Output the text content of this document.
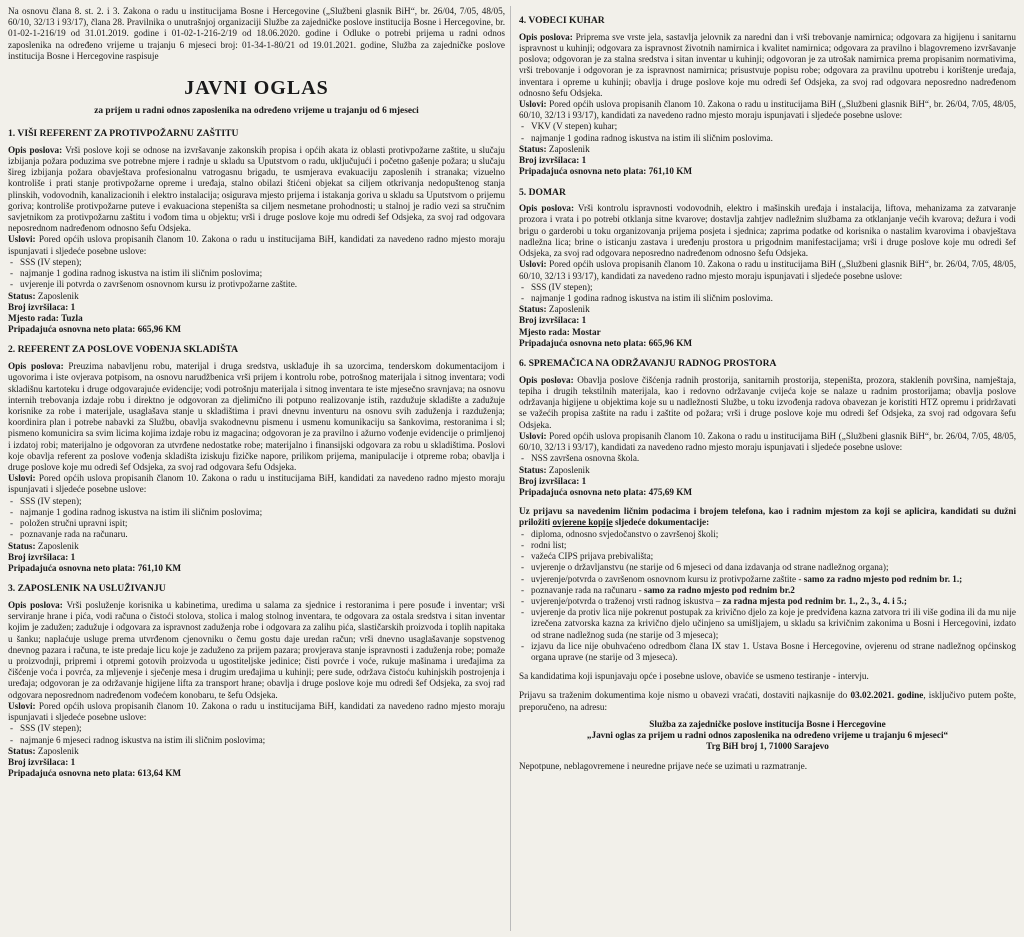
Na osnovu člana 8. st. 2. i 3. Zakona o radu u institucijama Bosne i Hercegovine („Službeni glasnik BiH“, br. 26/04, 7/05, 48/05, 60/10, 32/13 i 93/17), člana 28. Pravilnika o unutrašnjoj organizaciji Službe za zajedničke poslove institucija Bosne i Hercegovine, br. 01-02-1-216/19 od 31.01.2019. godine i 01-02-1-216-2/19 od 18.06.2020. godine i Odluke o potrebi prijema u radni odnos zaposlenika na određeno vrijeme u trajanju 6 mjeseci broj: 01-34-1-80/21 od 19.01.2021. godine, Služba za zajedničke poslove institucija Bosne i Hercegovine raspisuje

JAVNI OGLAS
za prijem u radni odnos zaposlenika na određeno vrijeme u trajanju od 6 mjeseci
1. VIŠI REFERENT ZA PROTIVPOŽARNU ZAŠTITU

Opis poslova: Vrši poslove koji se odnose na izvršavanje zakonskih propisa i općih akata iz oblasti protivpožarne zaštite, u slučaju izbijanja požara poduzima sve potrebne mjere i radnje u skladu sa Uputstvom o radu, uključujući i početno gašenje požara; u slučaju šireg izbijanja požara obavještava profesionalnu vatrogasnu brigadu, te usmjerava evakuaciju zaposlenih i stranaka; vizuelno kontroliše i prati stanje protivpožarne opreme i uređaja, stalno obilazi štićeni objekat sa ciljem otkrivanja nedopuštenog stanja plinskih, vodovodnih, kanalizacionih i elektro instalacija; osigurava mjesto prijema i istakanja goriva u skladu sa Uputstvom o prijemu goriva; kontroliše protivpožarne puteve i evakuaciona stepeništa sa ciljem nesmetane prohodnosti; u stalnoj je radio vezi sa stručnim savjetnikom za protivpožarnu zaštitu i vođom tima u objektu; vrši i druge poslove koje mu odredi šef Odsjeka, za svoj rad odgovara neposrednom nadređenom odnosno šefu Odsjeka.

Uslovi: Pored općih uslova propisanih članom 10. Zakona o radu u institucijama BiH, kandidati za navedeno radno mjesto moraju ispunjavati i sljedeće posebne uslove:

- SSS (IV stepen);
- najmanje 1 godina radnog iskustva na istim ili sličnim poslovima;
- uvjerenje ili potvrda o završenom osnovnom kursu iz protivpožarne zaštite.

Status: Zaposlenik

Broj izvršilaca: 1

Mjesto rada: Tuzla

Pripadajuća osnovna neto plata: 665,96 KM

2. REFERENT ZA POSLOVE VOĐENJA SKLADIŠTA

Opis poslova: Preuzima nabavljenu robu, materijal i druga sredstva, usklađuje ih sa uzorcima, tenderskom dokumentacijom i ugovorima i iste ovjerava potpisom, na osnovu narudžbenica vrši prijem i kontrolu robe, potrošnog materijala i sitnog inventara; vodi skladišnu kartoteku i druge odgovarajuće evidencije; vodi potrošnju materijala i sitnog inventara te iste mjesečno sravnjava; na osnovu internih trebovanja izdaje robu i direktno je odgovoran za djelimično ili potpuno realizovanje istih, razdužuje skladište a zadužuje korisnike za robe i materijale, usaglašava stanje u skladištima i pravi dnevnu inventuru na osnovu svih zaduženja i razduženja; koordinira plan i potrebe nabavki za Službu, obavlja svakodnevnu pismenu i usmenu komunikaciju sa šankovima, restoranima i sl; pismeno komunicira sa svim licima kojima izdaje robu iz magacina; odgovoran je za pravilno i ažurno vođenje evidencije o primljenoj i izdatoj robi; materijalno je odgovoran za utvrđene nedostatke robe; materijalno i finansijski odgovara za robu u skladištima. Poslovi koje obavlja referent za poslove vođenja skladišta iziskuju fizičke napore, prilikom prijema, manipulacije i otpreme roba; obavlja i druge poslove koje mu odredi šef Odsjeka, za svoj rad odgovara šefu Odsjeka.

Uslovi: Pored općih uslova propisanih članom 10. Zakona o radu u institucijama BiH, kandidati za navedeno radno mjesto moraju ispunjavati i sljedeće posebne uslove:

- SSS (IV stepen);
- najmanje 1 godina radnog iskustva na istim ili sličnim poslovima;
- položen stručni upravni ispit;
- poznavanje rada na računaru.

Status: Zaposlenik

Broj izvršilaca: 1

Pripadajuća osnovna neto plata: 761,10 KM

3. ZAPOSLENIK NA USLUŽIVANJU

Opis poslova: Vrši posluženje korisnika u kabinetima, uredima u salama za sjednice i restoranima i pere posuđe i inventar; vrši serviranje hrane i pića, vodi računa o čistoći stolova, stolica i malog stolnog inventara, te odgovara za ostala sredstva i sitan inventar kojim je zadužen; zadužuje i odgovara za ispravnost zaduženja robe i odgovara za zalihu pića, slastičarskih proizvoda i toplih napitaka u šanku; naplaćuje usluge prema utvrđenom cjenovniku o čemu gostu daje uredan račun; vrši dnevno usaglašavanje sopstvenog dnevnog pazara i računa, te iste predaje licu koje je zaduženo za prijem pazara; provjerava stanje ispravnosti i zaduženja robe; pomaže u proizvodnji, pripremi i otpremi gotovih proizvoda u ugostiteljske jedinice; čisti povrće i voće, rukuje mašinama i uređajima za čišćenje voća i povrća, za mljevenje i sječenje mesa i drugim uređajima u kuhinji; pere sude, održava čistoću kuhinjskih postrojenja i uređaja; odgovoran je za održavanje higijene lifta za transport hrane; obavlja i druge poslove koje mu odredi šef Odsjeka, za svoj rad odgovara neposrednom nadređenom vođećem konobaru, te šefu Odsjeka.

Uslovi: Pored općih uslova propisanih članom 10. Zakona o radu u institucijama BiH, kandidati za navedeno radno mjesto moraju ispunjavati i sljedeće posebne uslove:

- SSS (IV stepen);
- najmanje 6 mjeseci radnog iskustva na istim ili sličnim poslovima;

Status: Zaposlenik

Broj izvršilaca: 1

Pripadajuća osnovna neto plata: 613,64 KM

4. VOĐECI KUHAR

Opis poslova: Priprema sve vrste jela, sastavlja jelovnik za naredni dan i vrši trebovanje namirnica; odgovara za higijenu i sanitarnu ispravnost u kuhinji; odgovara za ispravnost životnih namirnica i kvalitet namirnica; odgovara za pravilno i blagovremeno izvršavanje poslova; odgovoran je za stalna sredstva i sitan inventar u kuhinji; odgovoran je za utrošak namirnica prema propisanim normativima, vrši trebovanje i odgovoran je za ispravnost namirnica; prisustvuje popisu robe; odgovara za pravilnu upotrebu i korištenje uređaja, inventara i opreme u kuhinji; obavlja i druge poslove koje mu odredi šef Odsjeka, za svoj rad odgovara neposredno nadređenom odnosno šefu Odsjeka.

Uslovi: Pored općih uslova propisanih članom 10. Zakona o radu u institucijama BiH („Službeni glasnik BiH“, br. 26/04, 7/05, 48/05, 60/10, 32/13 i 93/17), kandidati za navedeno radno mjesto moraju ispunjavati i sljedeće posebne uslove:

- VKV (V stepen) kuhar;
- najmanje 1 godina radnog iskustva na istim ili sličnim poslovima.

Status: Zaposlenik

Broj izvršilaca: 1

Pripadajuća osnovna neto plata: 761,10 KM

5. DOMAR

Opis poslova: Vrši kontrolu ispravnosti vodovodnih, elektro i mašinskih uređaja i instalacija, liftova, mehanizama za zatvaranje prozora i vrata i po potrebi otklanja sitne kvarove; dostavlja zahtjev nadležnim službama za otklanjanje većih kvarova; dežura i vodi brigu o garderobi u toku organizovanja prijema posjeta i sjednica; zaprima podatke od korisnika o nastalim kvarovima i obavještava nadležna lica; brine o isticanju zastava i uređenju prostora u prigodnim manifestacijama; vrši i druge poslove koje mu odredi šef Odsjeka, za svoj rad odgovara neposredno nadređenom odnosno šefu Odsjeka.

Uslovi: Pored općih uslova propisanih članom 10. Zakona o radu u institucijama BiH („Službeni glasnik BiH“, br. 26/04, 7/05, 48/05, 60/10, 32/13 i 93/17), kandidati za navedeno radno mjesto moraju ispunjavati i sljedeće posebne uslove:

- SSS (IV stepen);
- najmanje 1 godina radnog iskustva na istim ili sličnim poslovima.

Status: Zaposlenik

Broj izvršilaca: 1

Mjesto rada: Mostar

Pripadajuća osnovna neto plata: 665,96 KM

6. SPREMAČICA NA ODRŽAVANJU RADNOG PROSTORA

Opis poslova: Obavlja poslove čišćenja radnih prostorija, sanitarnih prostorija, stepeništa, prozora, staklenih površina, namještaja, tepiha i drugih tekstilnih materijala, kao i redovno održavanje cvijeća koje se nalaze u radnim prostorijama; obavlja poslove održavanja higijene u objektima koje su u nadležnosti Službe, u toku izvođenja radova obavezan je koristiti HTZ opremu i pridržavati se važećih propisa zaštite na radu i zaštite od požara; vrši i druge poslove koje mu odredi šef Odsjeka, za svoj rad odgovara šefu Odsjeka.

Uslovi: Pored općih uslova propisanih članom 10. Zakona o radu u institucijama BiH („Službeni glasnik BiH“, br. 26/04, 7/05, 48/05, 60/10, 32/13 i 93/17), kandidati za navedeno radno mjesto moraju ispunjavati i sljedeće posebne uslove:

- NSS završena osnovna škola.

Status: Zaposlenik

Broj izvršilaca: 1

Pripadajuća osnovna neto plata: 475,69 KM

Uz prijavu sa navedenim ličnim podacima i brojem telefona, kao i radnim mjestom za koji se aplicira, kandidati su dužni priložiti ovjerene kopije sljedeće dokumentacije:

- diploma, odnosno svjedočanstvo o završenoj školi;
- rodni list;
- važeća CIPS prijava prebivališta;
- uvjerenje o državljanstvu (ne starije od 6 mjeseci od dana izdavanja od strane nadležnog organa);
- uvjerenje/potvrda o završenom osnovnom kursu iz protivpožarne zaštite - samo za radno mjesto pod rednim br. 1.;
- poznavanje rada na računaru - samo za radno mjesto pod rednim br.2
- uvjerenje/potvrda o traženoj vrsti radnog iskustva – za radna mjesta pod rednim br. 1., 2., 3., 4. i 5.;
- uvjerenje da protiv lica nije pokrenut postupak za krivično djelo za koje je predviđena kazna zatvora tri ili više godina ili da mu nije izrečena zatvorska kazna za krivično djelo učinjeno sa umišljajem, u skladu sa krivičnim zakonima u Bosni i Hercegovini, izdato od strane nadležnog suda (ne starije od 3 mjeseca);
- izjavu da lice nije obuhvaćeno odredbom člana IX stav 1. Ustava Bosne i Hercegovine, ovjerenu od strane nadležnog općinskog organa uprave (ne starije od 3 mjeseca).

Sa kandidatima koji ispunjavaju opće i posebne uslove, obaviće se usmeno testiranje - intervju.

Prijavu sa traženim dokumentima koje nismo u obavezi vraćati, dostaviti najkasnije do 03.02.2021. godine, isključivo putem pošte, preporučeno, na adresu:

Služba za zajedničke poslove institucija Bosne i Hercegovine
„Javni oglas za prijem u radni odnos zaposlenika na određeno vrijeme u trajanju 6 mjeseci“
Trg BiH broj 1, 71000 Sarajevo

Nepotpune, neblagovremene i neuredne prijave neće se uzimati u razmatranje.
